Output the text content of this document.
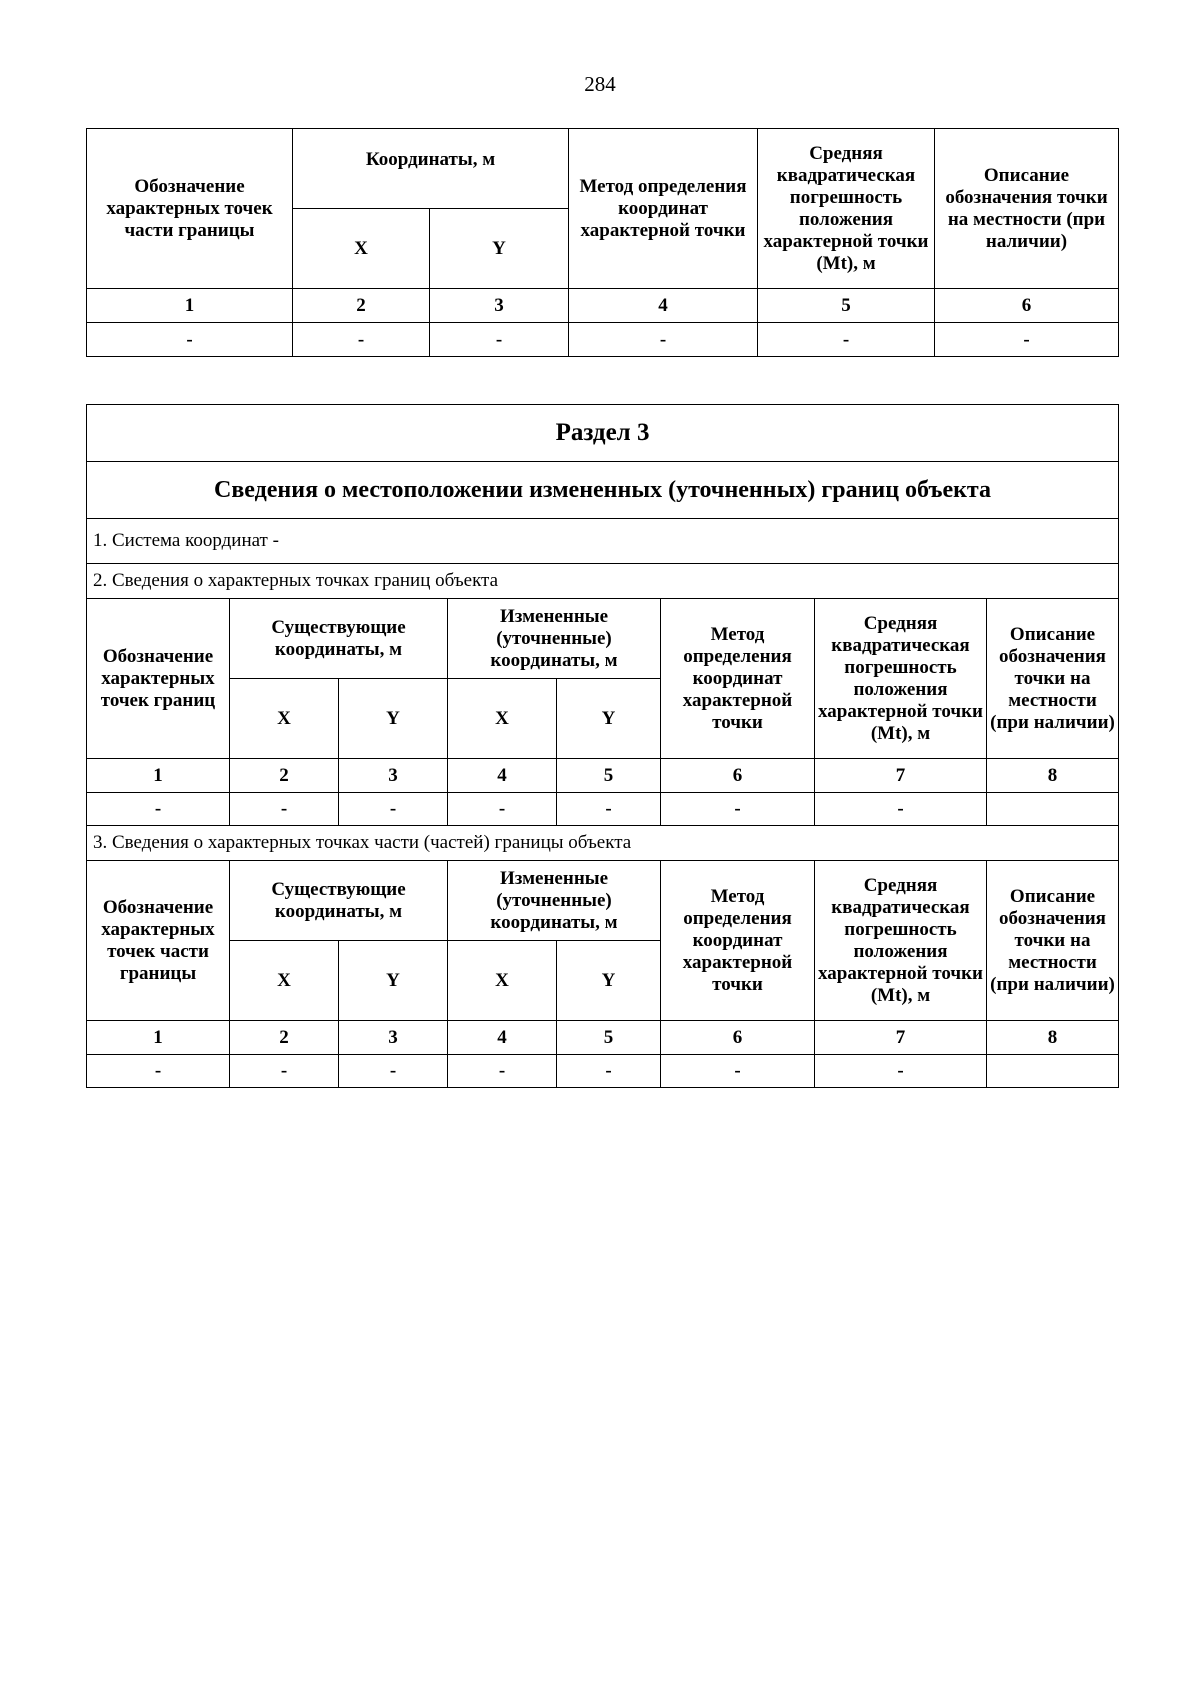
284
Обозначение характерных точек части границы	Координаты, м		Метод определения координат характерной точки	Средняя квадратическая погрешность положения характерной точки (Mt), м	Описание обозначения точки на местности (при наличии)
	X	Y			
1	2	3	4	5	6
-	-	-	-	-	-
Раздел 3							
Сведения о местоположении измененных (уточненных) границ объекта							
1. Система координат -							
2. Сведения о характерных точках границ объекта							
Обозначение характерных точек границ	Существующие координаты, м		Измененные (уточненные) координаты, м		Метод определения координат характерной точки	Средняя квадратическая погрешность положения характерной точки (Mt), м	Описание обозначения точки на местности (при наличии)
	X	Y	X	Y			
1	2	3	4	5	6	7	8
-	-	-	-	-	-	-	
3. Сведения о характерных точках части (частей) границы объекта							
Обозначение характерных точек части границы	Существующие координаты, м		Измененные (уточненные) координаты, м		Метод определения координат характерной точки	Средняя квадратическая погрешность положения характерной точки (Mt), м	Описание обозначения точки на местности (при наличии)
	X	Y	X	Y			
1	2	3	4	5	6	7	8
-	-	-	-	-	-	-	
